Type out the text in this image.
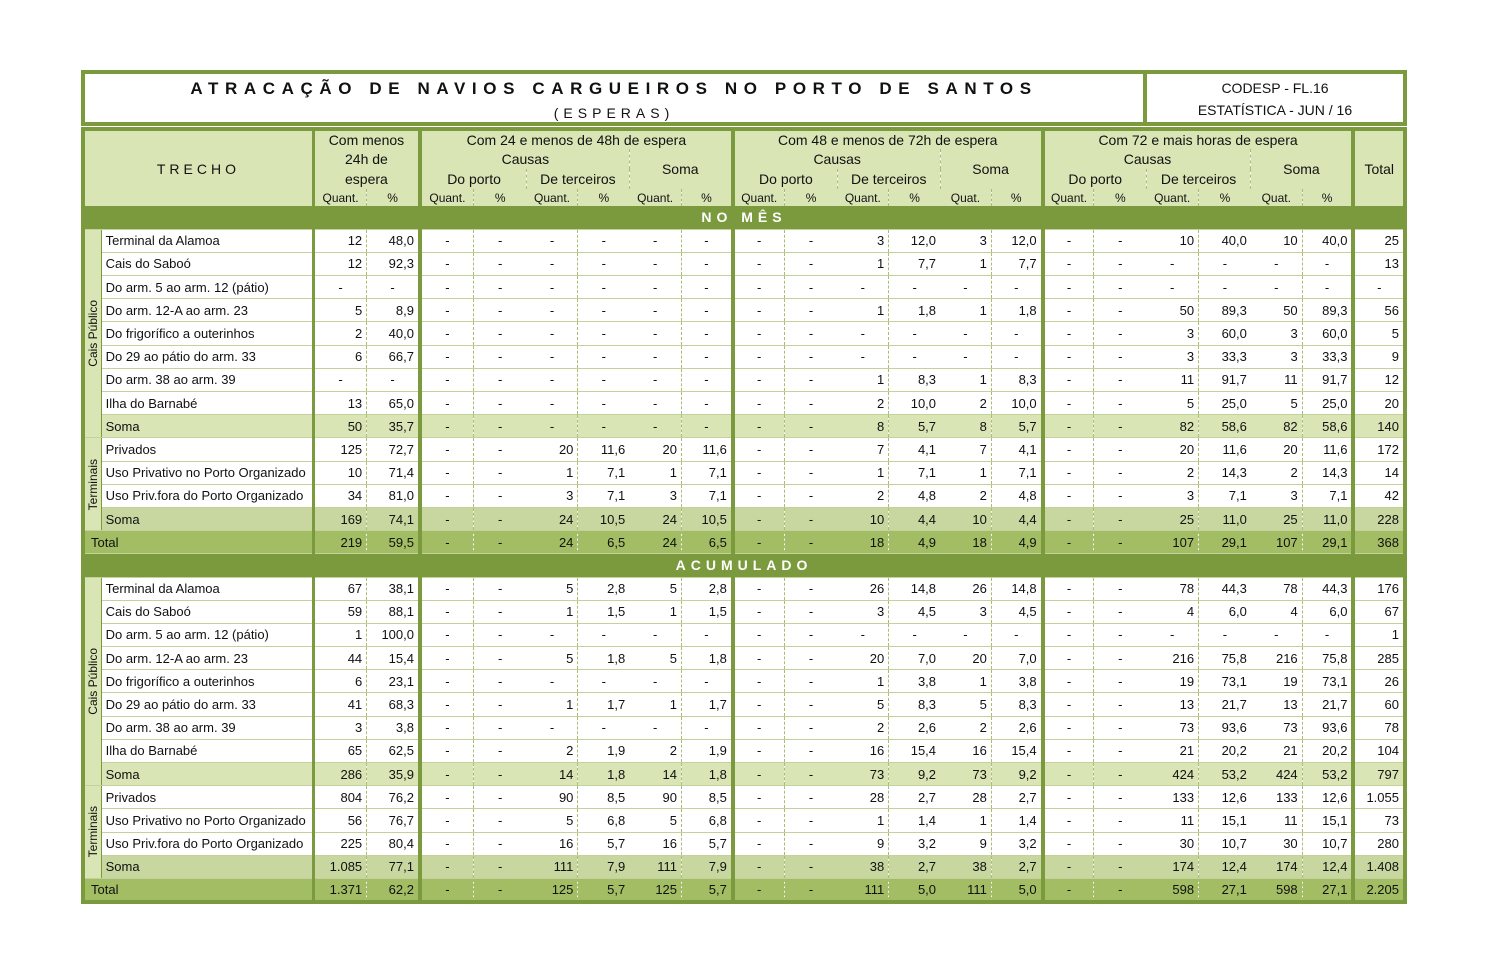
ATRACAÇÃO DE NAVIOS CARGUEIROS NO PORTO DE SANTOS
(ESPERAS)
CODESP - FL.16
ESTATÍSTICA - JUN / 16
TRECHO		Com menos		Com 24 e menos de 48h de espera						Com 48 e menos de 72h de espera						Com 72 e mais horas de espera						Total
		24h de		Causas				Soma		Causas				Soma		Causas				Soma		
		espera		Do porto		De terceiros				Do porto		De terceiros				Do porto		De terceiros				
		Quant.	%	Quant.	%	Quant.	%	Quant.	%	Quant.	%	Quant.	%	Quat.	%	Quant.	%	Quant.	%	Quat.	%	
NO MÊS																						

Cais Público	Terminal da Alamoa	12	48,0	-	-	-	-	-	-	-	-	3	12,0	3	12,0	-	-	10	40,0	10	40,0	25
	Cais do Saboó	12	92,3	-	-	-	-	-	-	-	-	1	7,7	1	7,7	-	-	-	-	-	-	13
	Do arm. 5 ao arm. 12 (pátio)	-	-	-	-	-	-	-	-	-	-	-	-	-	-	-	-	-	-	-	-	-
	Do arm. 12-A ao arm. 23	5	8,9	-	-	-	-	-	-	-	-	1	1,8	1	1,8	-	-	50	89,3	50	89,3	56
	Do frigorífico a outerinhos	2	40,0	-	-	-	-	-	-	-	-	-	-	-	-	-	-	3	60,0	3	60,0	5
	Do 29 ao pátio do arm. 33	6	66,7	-	-	-	-	-	-	-	-	-	-	-	-	-	-	3	33,3	3	33,3	9
	Do arm. 38 ao arm. 39	-	-	-	-	-	-	-	-	-	-	1	8,3	1	8,3	-	-	11	91,7	11	91,7	12
	Ilha do Barnabé	13	65,0	-	-	-	-	-	-	-	-	2	10,0	2	10,0	-	-	5	25,0	5	25,0	20
	Soma	50	35,7	-	-	-	-	-	-	-	-	8	5,7	8	5,7	-	-	82	58,6	82	58,6	140

Terminais	Privados	125	72,7	-	-	20	11,6	20	11,6	-	-	7	4,1	7	4,1	-	-	20	11,6	20	11,6	172
	Uso Privativo no Porto Organizado	10	71,4	-	-	1	7,1	1	7,1	-	-	1	7,1	1	7,1	-	-	2	14,3	2	14,3	14
	Uso Priv.fora do Porto Organizado	34	81,0	-	-	3	7,1	3	7,1	-	-	2	4,8	2	4,8	-	-	3	7,1	3	7,1	42
	Soma	169	74,1	-	-	24	10,5	24	10,5	-	-	10	4,4	10	4,4	-	-	25	11,0	25	11,0	228
Total		219	59,5	-	-	24	6,5	24	6,5	-	-	18	4,9	18	4,9	-	-	107	29,1	107	29,1	368
ACUMULADO																						

Cais Público	Terminal da Alamoa	67	38,1	-	-	5	2,8	5	2,8	-	-	26	14,8	26	14,8	-	-	78	44,3	78	44,3	176
	Cais do Saboó	59	88,1	-	-	1	1,5	1	1,5	-	-	3	4,5	3	4,5	-	-	4	6,0	4	6,0	67
	Do arm. 5 ao arm. 12 (pátio)	1	100,0	-	-	-	-	-	-	-	-	-	-	-	-	-	-	-	-	-	-	1
	Do arm. 12-A ao arm. 23	44	15,4	-	-	5	1,8	5	1,8	-	-	20	7,0	20	7,0	-	-	216	75,8	216	75,8	285
	Do frigorífico a outerinhos	6	23,1	-	-	-	-	-	-	-	-	1	3,8	1	3,8	-	-	19	73,1	19	73,1	26
	Do 29 ao pátio do arm. 33	41	68,3	-	-	1	1,7	1	1,7	-	-	5	8,3	5	8,3	-	-	13	21,7	13	21,7	60
	Do arm. 38 ao arm. 39	3	3,8	-	-	-	-	-	-	-	-	2	2,6	2	2,6	-	-	73	93,6	73	93,6	78
	Ilha do Barnabé	65	62,5	-	-	2	1,9	2	1,9	-	-	16	15,4	16	15,4	-	-	21	20,2	21	20,2	104
	Soma	286	35,9	-	-	14	1,8	14	1,8	-	-	73	9,2	73	9,2	-	-	424	53,2	424	53,2	797

Terminais	Privados	804	76,2	-	-	90	8,5	90	8,5	-	-	28	2,7	28	2,7	-	-	133	12,6	133	12,6	1.055
	Uso Privativo no Porto Organizado	56	76,7	-	-	5	6,8	5	6,8	-	-	1	1,4	1	1,4	-	-	11	15,1	11	15,1	73
	Uso Priv.fora do Porto Organizado	225	80,4	-	-	16	5,7	16	5,7	-	-	9	3,2	9	3,2	-	-	30	10,7	30	10,7	280
	Soma	1.085	77,1	-	-	111	7,9	111	7,9	-	-	38	2,7	38	2,7	-	-	174	12,4	174	12,4	1.408
Total		1.371	62,2	-	-	125	5,7	125	5,7	-	-	111	5,0	111	5,0	-	-	598	27,1	598	27,1	2.205
